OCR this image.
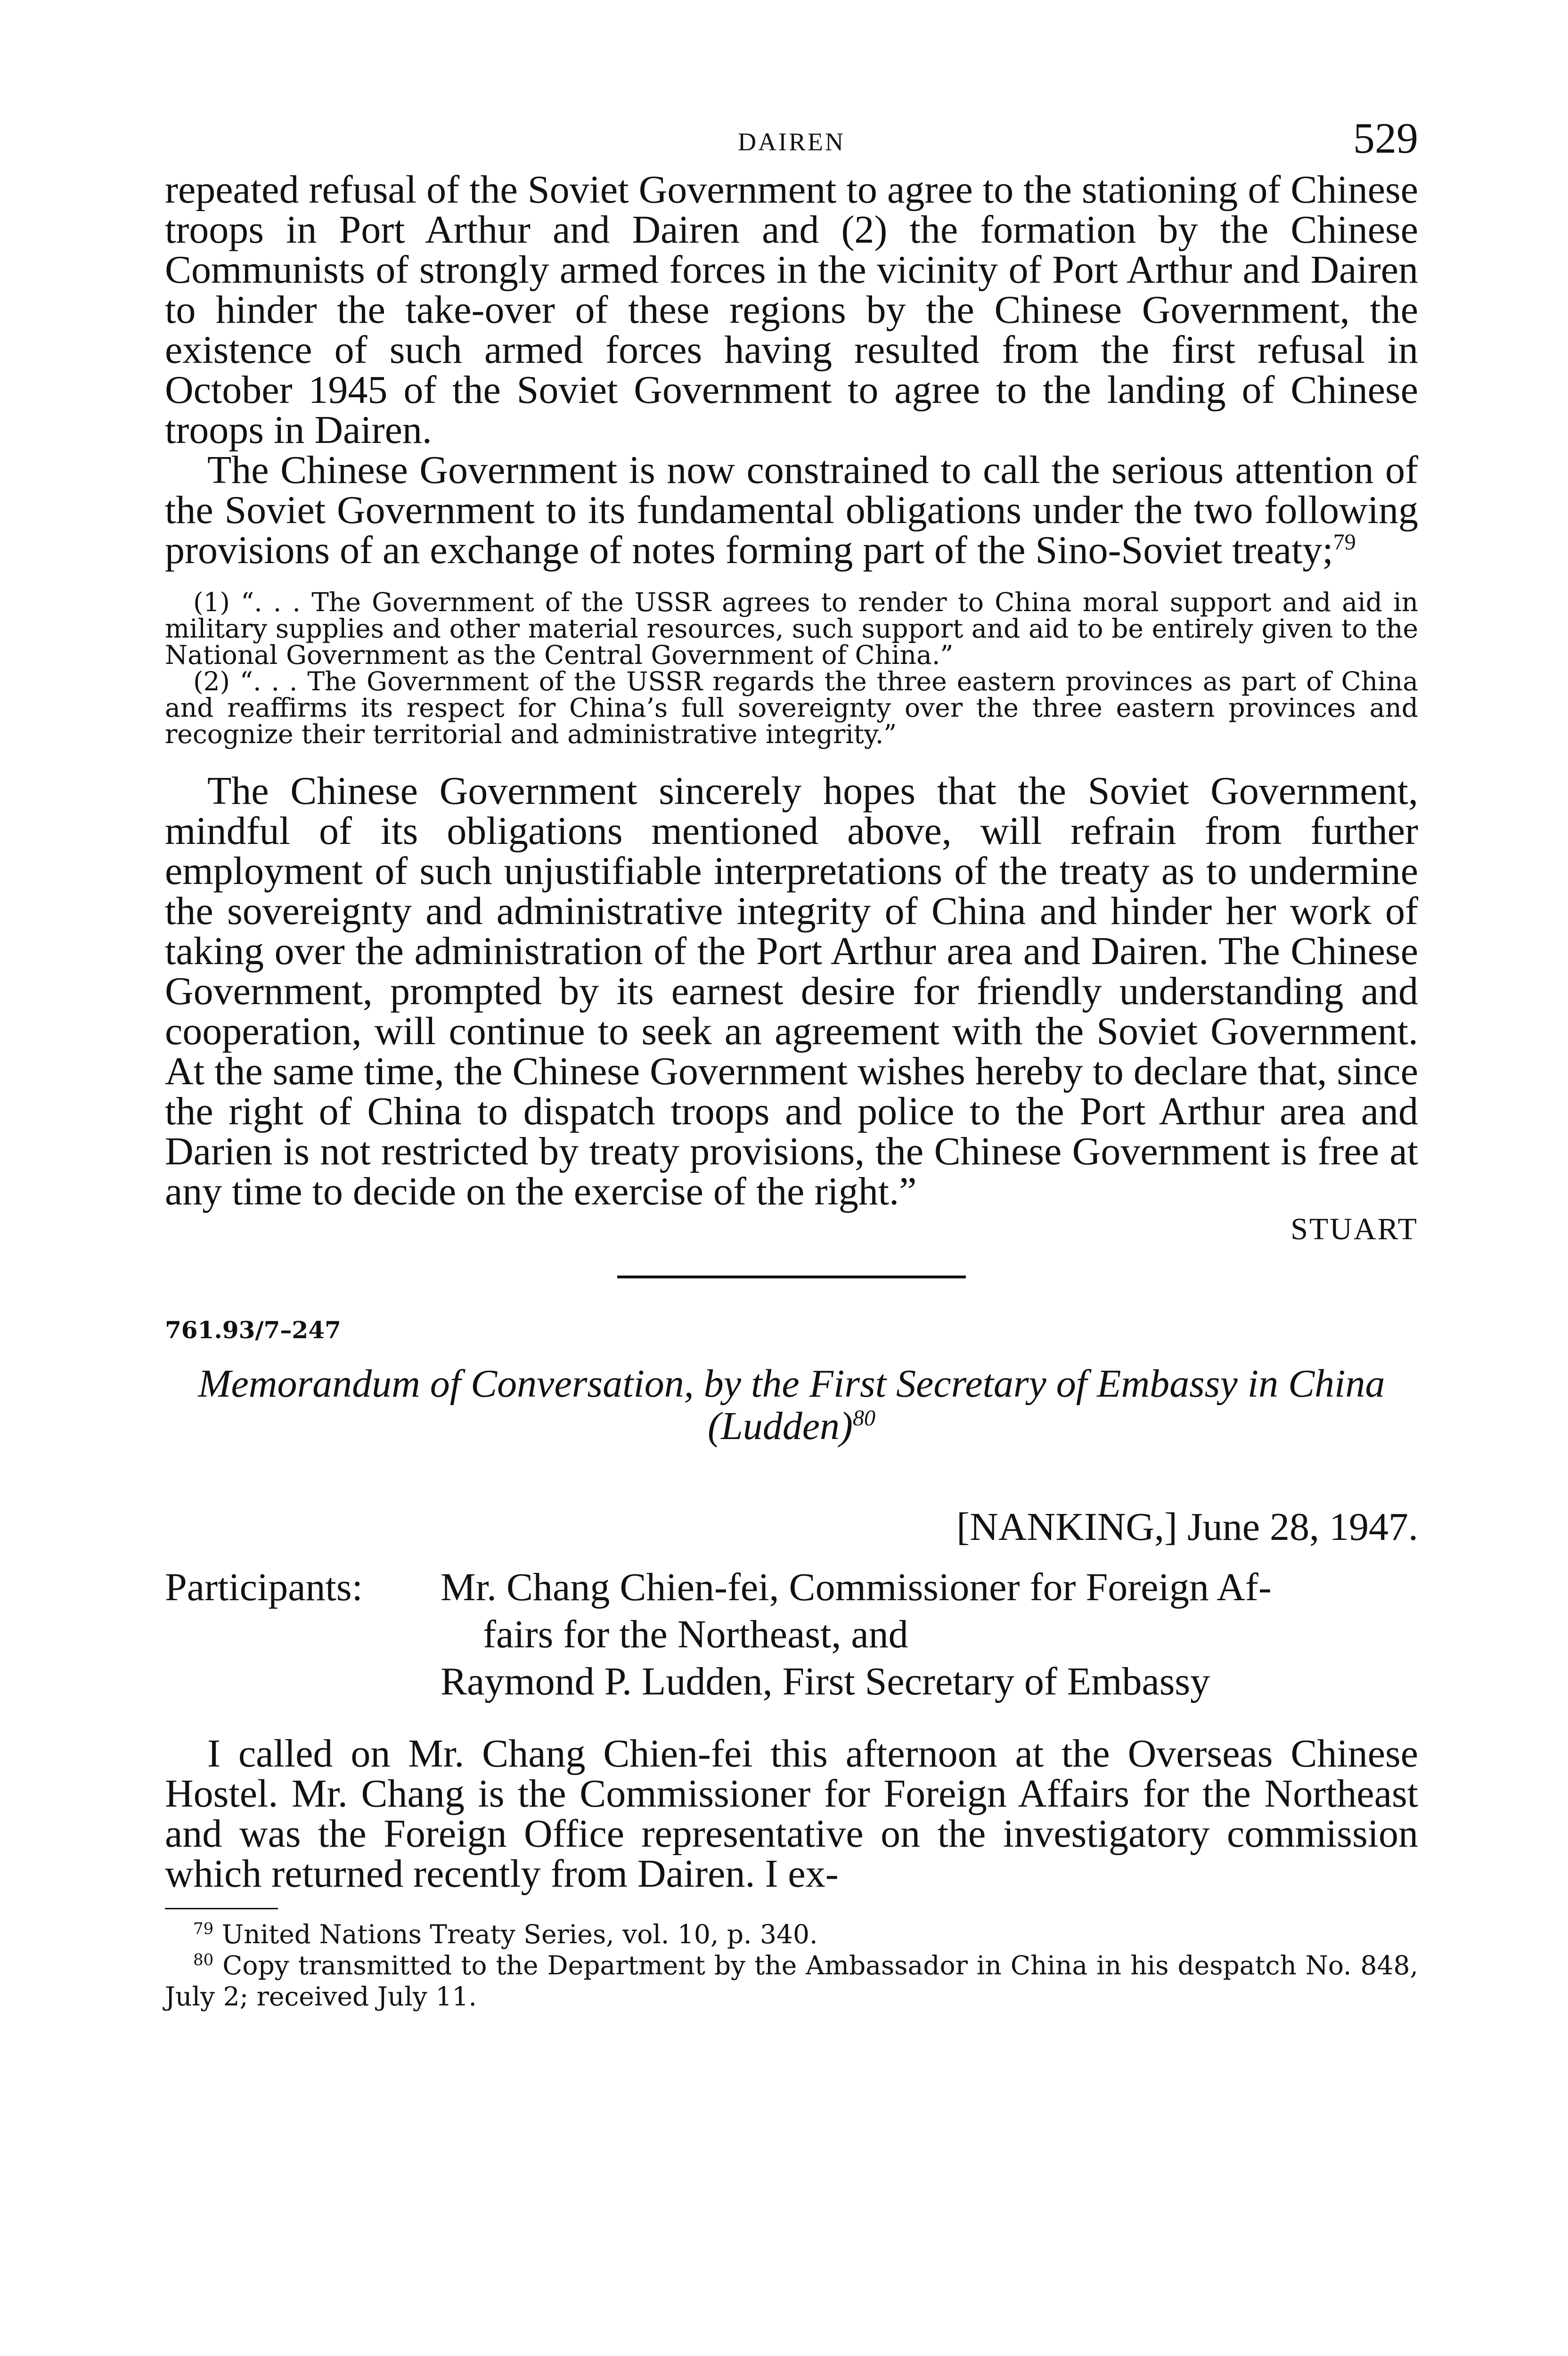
DAIREN	529

repeated refusal of the Soviet Government to agree to the stationing of Chinese troops in Port Arthur and Dairen and (2) the formation by the Chinese Communists of strongly armed forces in the vicinity of Port Arthur and Dairen to hinder the take-over of these regions by the Chinese Government, the existence of such armed forces having resulted from the first refusal in October 1945 of the Soviet Government to agree to the landing of Chinese troops in Dairen.

The Chinese Government is now constrained to call the serious attention of the Soviet Government to its fundamental obligations under the two following provisions of an exchange of notes forming part of the Sino-Soviet treaty;$^{79}$

(1) “. . . The Government of the USSR agrees to render to China moral support and aid in military supplies and other material resources, such support and aid to be entirely given to the National Government as the Central Government of China.”

(2) “. . . The Government of the USSR regards the three eastern provinces as part of China and reaffirms its respect for China’s full sovereignty over the three eastern provinces and recognize their territorial and administrative integrity.”

The Chinese Government sincerely hopes that the Soviet Government, mindful of its obligations mentioned above, will refrain from further employment of such unjustifiable interpretations of the treaty as to undermine the sovereignty and administrative integrity of China and hinder her work of taking over the administration of the Port Arthur area and Dairen. The Chinese Government, prompted by its earnest desire for friendly understanding and cooperation, will continue to seek an agreement with the Soviet Government. At the same time, the Chinese Government wishes hereby to declare that, since the right of China to dispatch troops and police to the Port Arthur area and Darien is not restricted by treaty provisions, the Chinese Government is free at any time to decide on the exercise of the right.”

STUART
761.93/7–247
Memorandum of Conversation, by the First Secretary of Embassy in China (Ludden)$^{80}$
[NANKING,] June 28, 1947.
Participants:	Mr. Chang Chien-fei, Commissioner for Foreign Af-
fairs for the Northeast, and
Raymond P. Ludden, First Secretary of Embassy

I called on Mr. Chang Chien-fei this afternoon at the Overseas Chinese Hostel. Mr. Chang is the Commissioner for Foreign Affairs for the Northeast and was the Foreign Office representative on the investigatory commission which returned recently from Dairen. I ex-

$^{79}$ United Nations Treaty Series, vol. 10, p. 340.

$^{80}$ Copy transmitted to the Department by the Ambassador in China in his despatch No. 848, July 2; received July 11.
